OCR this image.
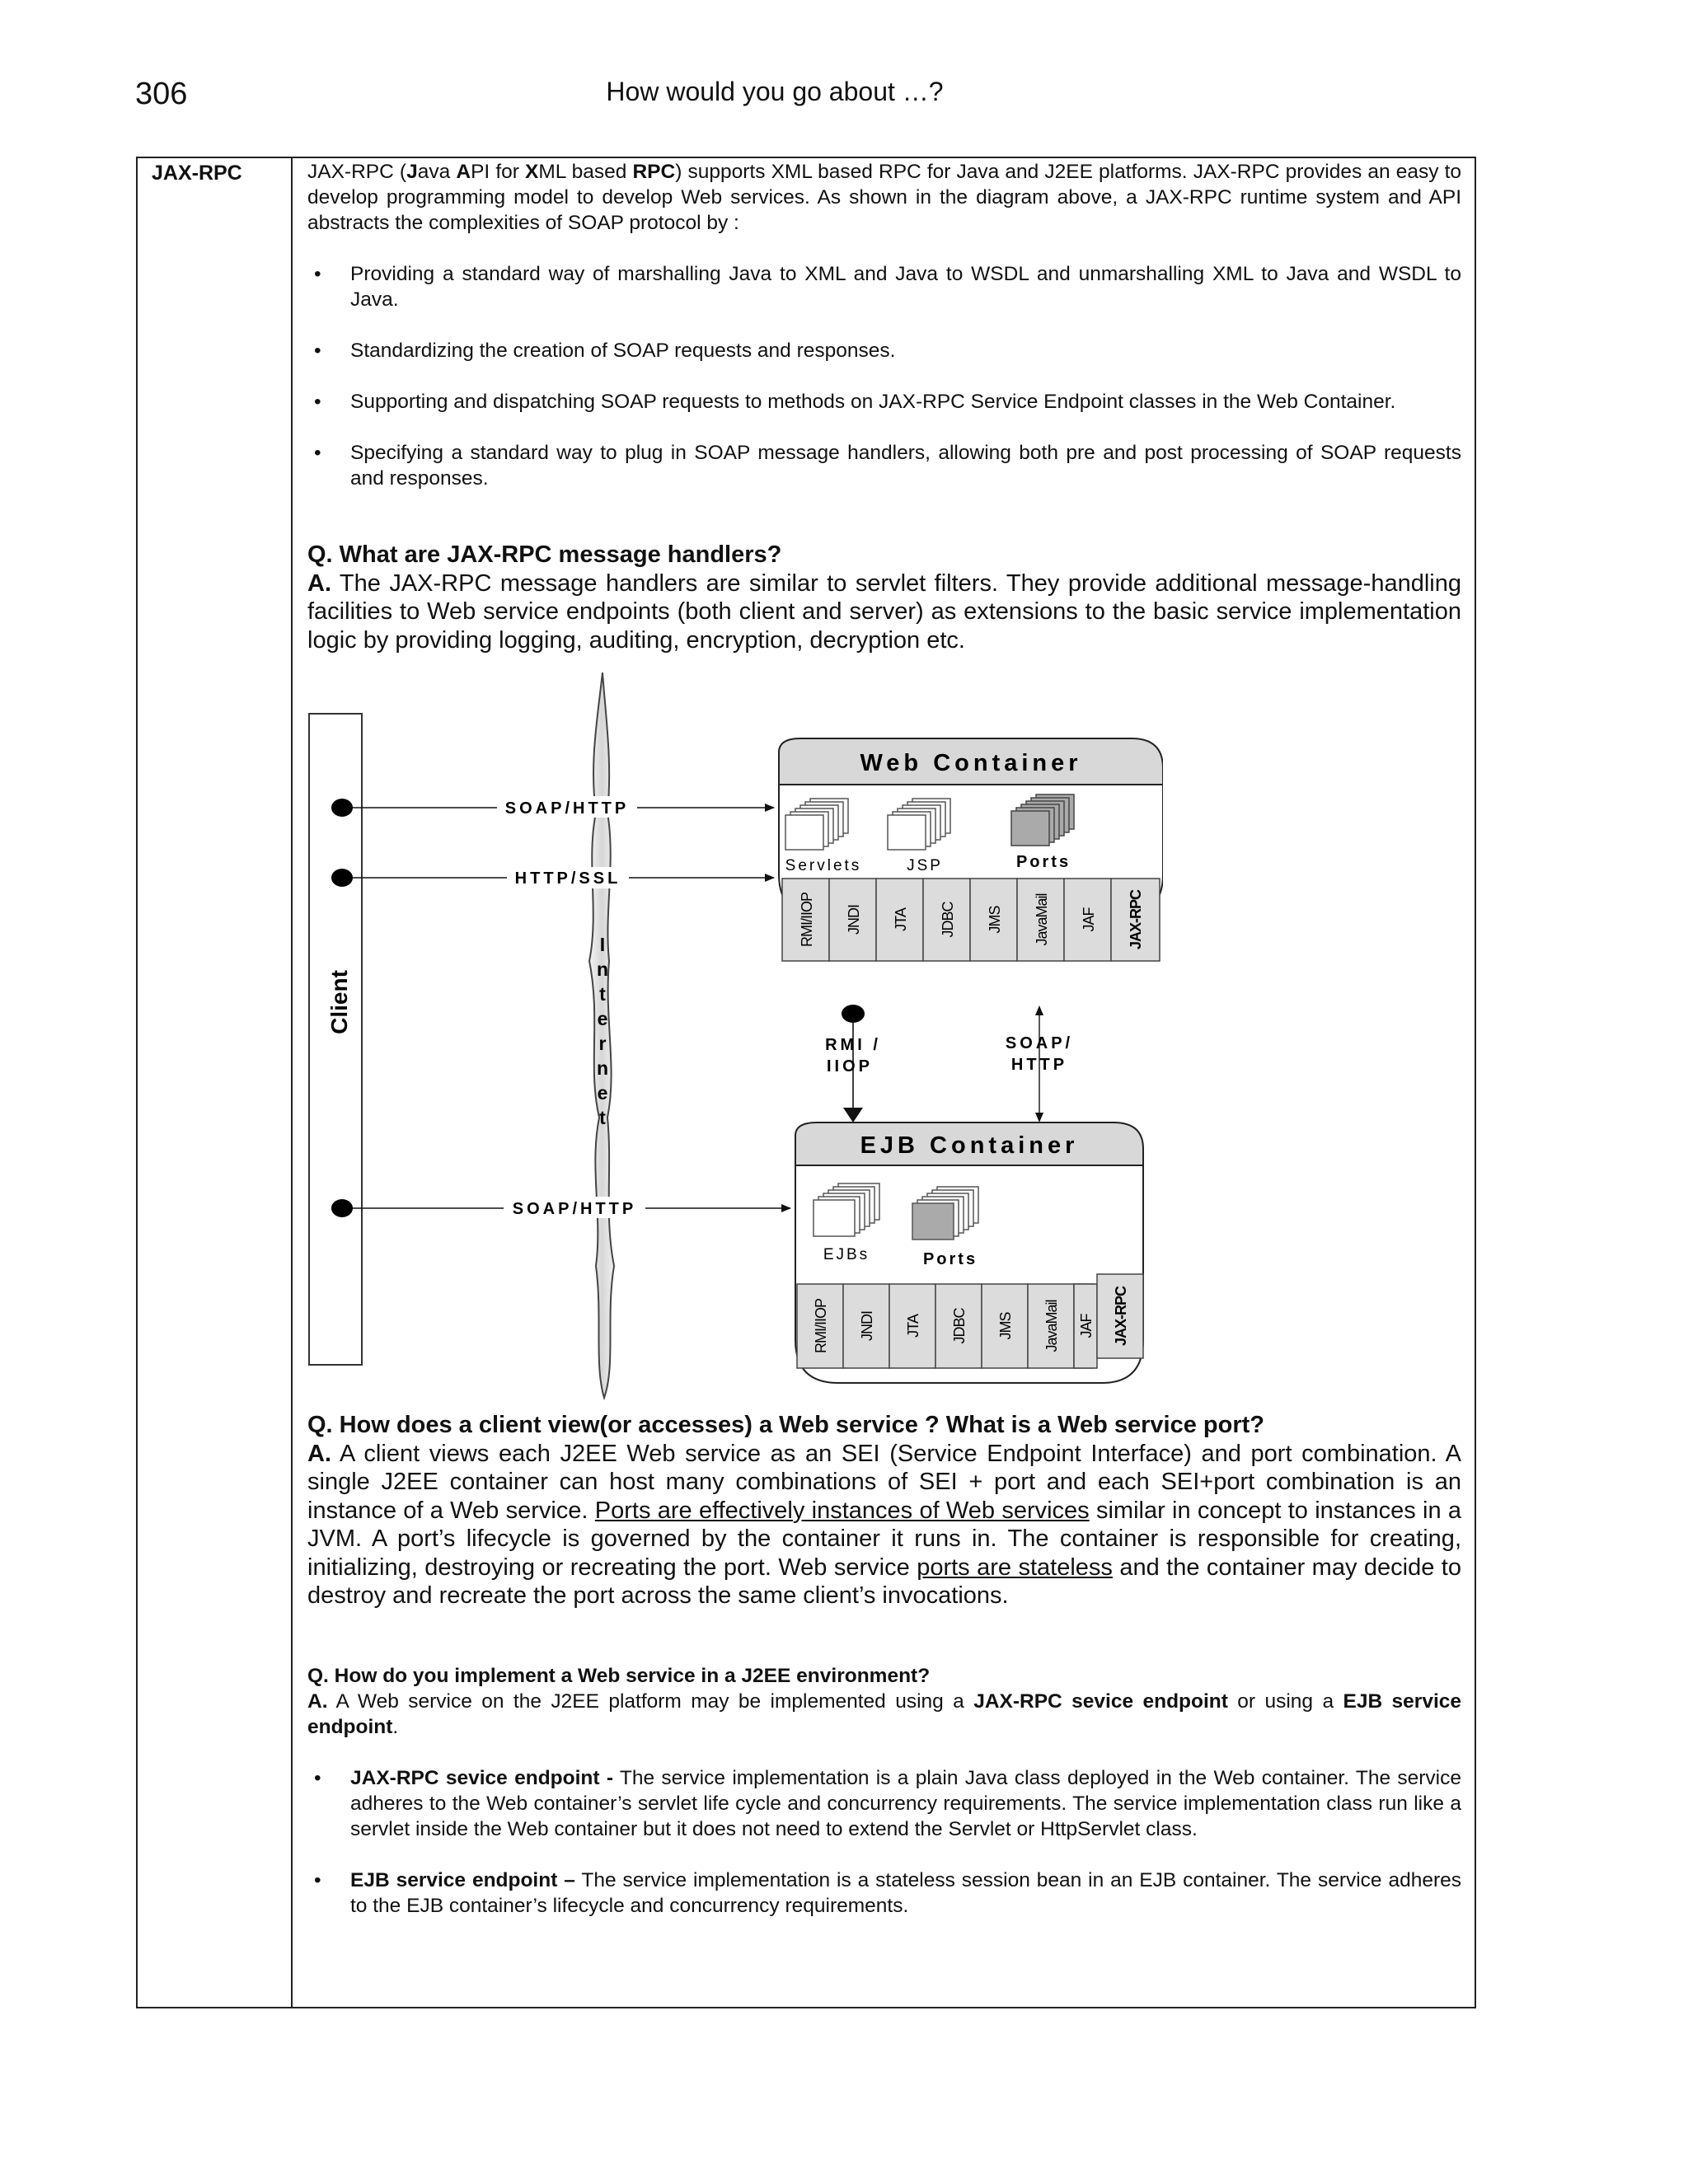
306	How would you go about …?
JAX-RPC	JAX-RPC (Java API for XML based RPC) supports XML based RPC for Java and J2EE platforms. JAX-RPC provides an easy to develop programming model to develop Web services. As shown in the diagram above, a JAX-RPC runtime system and API abstracts the complexities of SOAP protocol by :
• Providing a standard way of marshalling Java to XML and Java to WSDL and unmarshalling XML to Java and WSDL to Java.
• Standardizing the creation of SOAP requests and responses.
• Supporting and dispatching SOAP requests to methods on JAX-RPC Service Endpoint classes in the Web Container.
• Specifying a standard way to plug in SOAP message handlers, allowing both pre and post processing of SOAP requests and responses.
Q. What are JAX-RPC message handlers?
A. The JAX-RPC message handlers are similar to servlet filters. They provide additional message-handling facilities to Web service endpoints (both client and server) as extensions to the basic service implementation logic by providing logging, auditing, encryption, decryption etc.
Client
I
n
t
e
r
n
e
t
SOAP/HTTP
HTTP/SSL
SOAP/HTTP
Web Container
Servlets	JSP	Ports
RMI/IIOP JNDI JTA JDBC JMS JavaMail JAF JAX-RPC
RMI /
IIOP
SOAP/
HTTP
EJB Container
EJBs	Ports
RMI/IIOP JNDI JTA JDBC JMS JavaMail JAF JAX-RPC
Q. How does a client view(or accesses) a Web service ? What is a Web service port?
A. A client views each J2EE Web service as an SEI (Service Endpoint Interface) and port combination. A single J2EE container can host many combinations of SEI + port and each SEI+port combination is an instance of a Web service. Ports are effectively instances of Web services similar in concept to instances in a JVM. A port’s lifecycle is governed by the container it runs in. The container is responsible for creating, initializing, destroying or recreating the port. Web service ports are stateless and the container may decide to destroy and recreate the port across the same client’s invocations.
Q. How do you implement a Web service in a J2EE environment?
A. A Web service on the J2EE platform may be implemented using a JAX-RPC sevice endpoint or using a EJB service endpoint.
• JAX-RPC sevice endpoint - The service implementation is a plain Java class deployed in the Web container. The service adheres to the Web container’s servlet life cycle and concurrency requirements. The service implementation class run like a servlet inside the Web container but it does not need to extend the Servlet or HttpServlet class.
• EJB service endpoint – The service implementation is a stateless session bean in an EJB container. The service adheres to the EJB container’s lifecycle and concurrency requirements.
